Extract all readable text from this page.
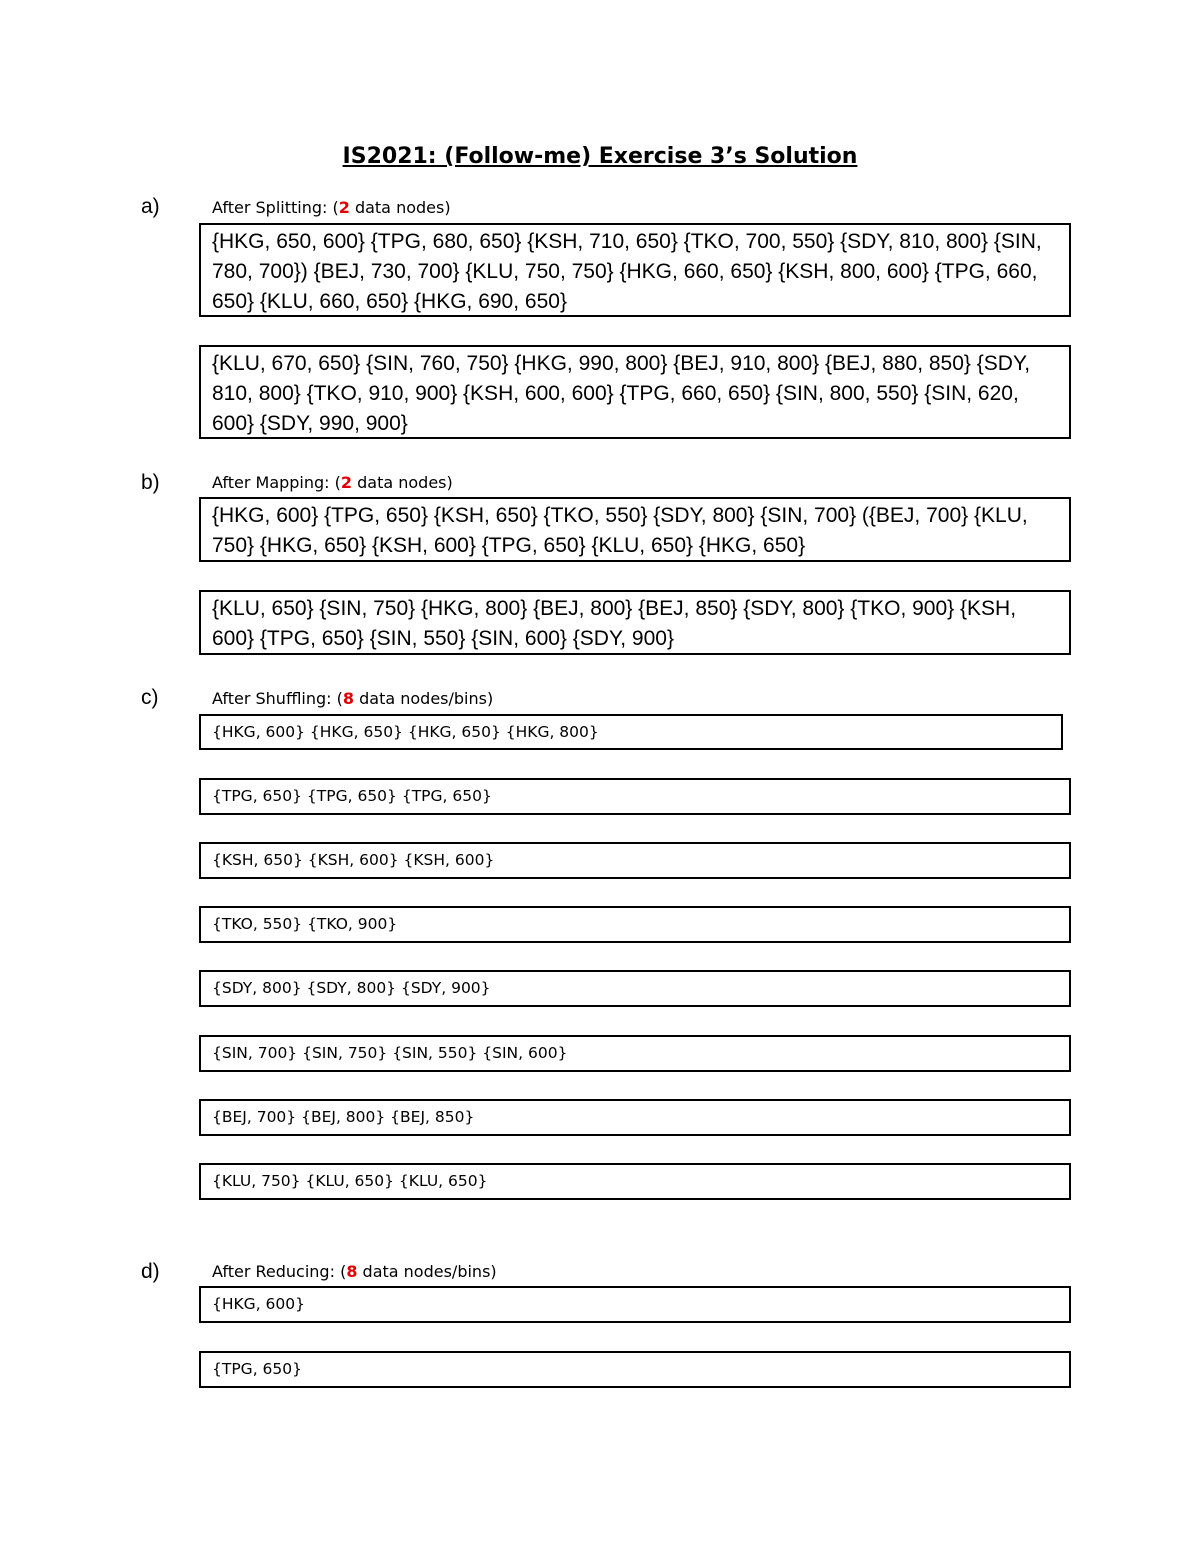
IS2021: (Follow-me) Exercise 3’s Solution
a)	After Splitting: (2 data nodes)
{HKG, 650, 600} {TPG, 680, 650} {KSH, 710, 650} {TKO, 700, 550} {SDY, 810, 800} {SIN, 780, 700}) {BEJ, 730, 700} {KLU, 750, 750} {HKG, 660, 650} {KSH, 800, 600} {TPG, 660, 650} {KLU, 660, 650} {HKG, 690, 650}
{KLU, 670, 650} {SIN, 760, 750} {HKG, 990, 800} {BEJ, 910, 800} {BEJ, 880, 850} {SDY, 810, 800} {TKO, 910, 900} {KSH, 600, 600} {TPG, 660, 650} {SIN, 800, 550} {SIN, 620, 600} {SDY, 990, 900}
b)	After Mapping: (2 data nodes)
{HKG, 600} {TPG, 650} {KSH, 650} {TKO, 550} {SDY, 800} {SIN, 700} ({BEJ, 700} {KLU, 750} {HKG, 650} {KSH, 600} {TPG, 650} {KLU, 650} {HKG, 650}
{KLU, 650} {SIN, 750} {HKG, 800} {BEJ, 800} {BEJ, 850} {SDY, 800} {TKO, 900} {KSH, 600} {TPG, 650} {SIN, 550} {SIN, 600} {SDY, 900}
c)	After Shuffling: (8 data nodes/bins)
{HKG, 600} {HKG, 650} {HKG, 650} {HKG, 800}
{TPG, 650} {TPG, 650} {TPG, 650}
{KSH, 650} {KSH, 600} {KSH, 600}
{TKO, 550} {TKO, 900}
{SDY, 800} {SDY, 800} {SDY, 900}
{SIN, 700} {SIN, 750} {SIN, 550} {SIN, 600}
{BEJ, 700} {BEJ, 800} {BEJ, 850}
{KLU, 750} {KLU, 650} {KLU, 650}
d)	After Reducing: (8 data nodes/bins)
{HKG, 600}
{TPG, 650}
